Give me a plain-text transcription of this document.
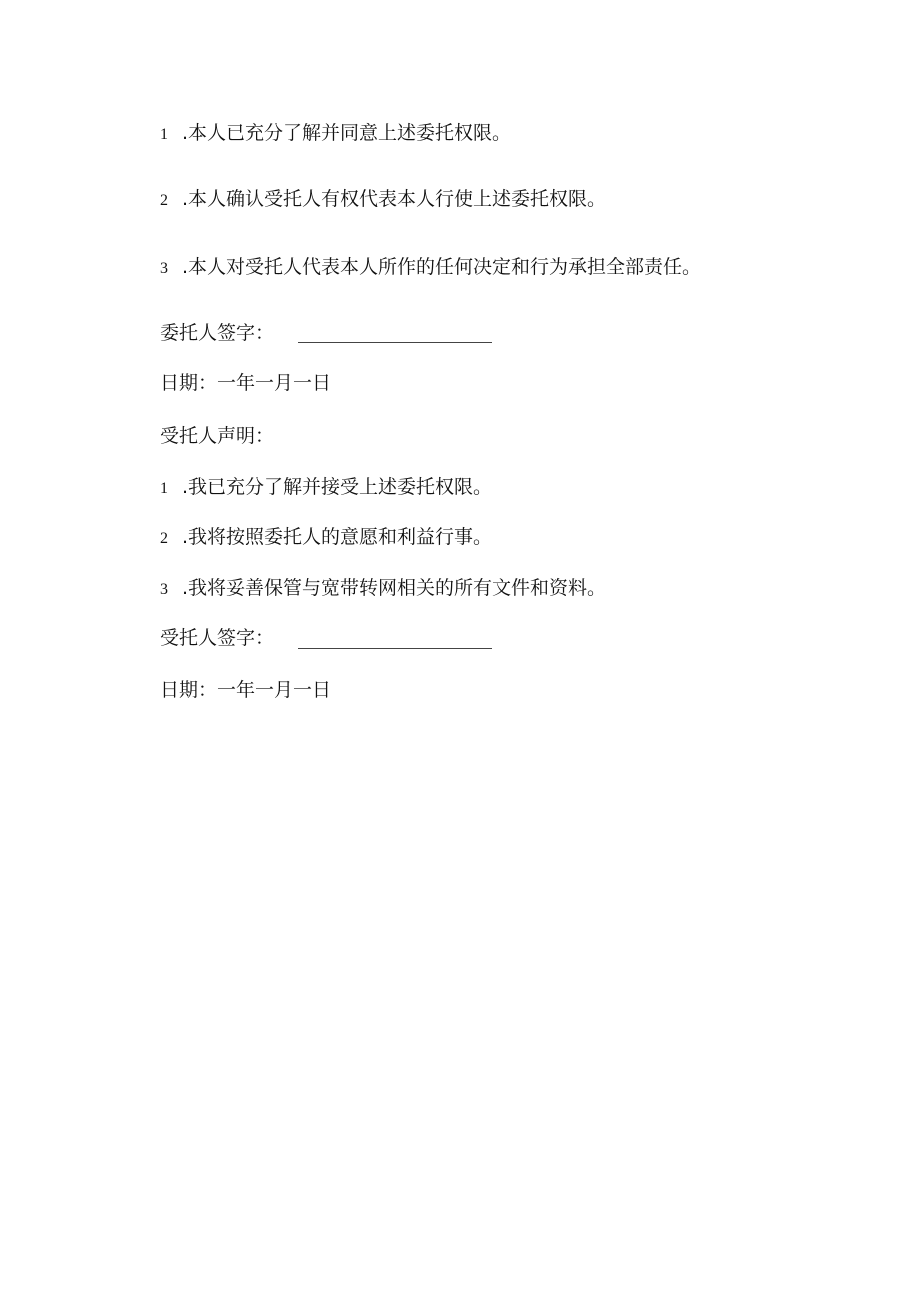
1 .本人已充分了解并同意上述委托权限。
2 .本人确认受托人有权代表本人行使上述委托权限。
3 .本人对受托人代表本人所作的任何决定和行为承担全部责任。
委托人签字：
日期：一年一月一日
受托人声明：
1 .我已充分了解并接受上述委托权限。
2 .我将按照委托人的意愿和利益行事。
3 .我将妥善保管与宽带转网相关的所有文件和资料。
受托人签字：
日期：一年一月一日
